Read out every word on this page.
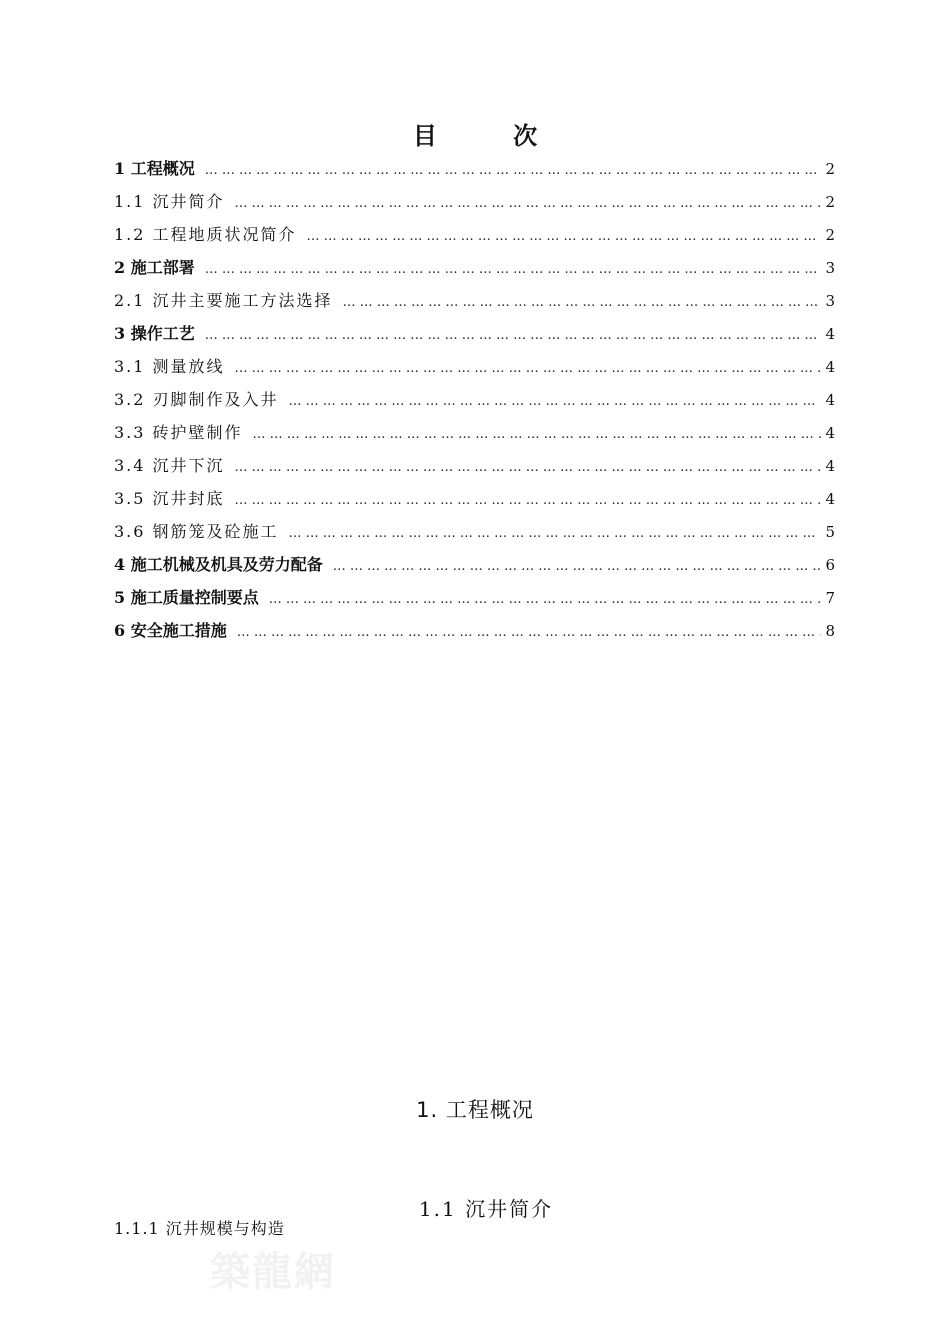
目 次
1 工程概况 … … … … … … … … … … … … … … … … … … … … … … … … … … … … … … … … … … … … … … … … … … … … … … … … … … … … … … … … … … … … … … … … … … … … … … … … … … … … … … … … … … … … … … … … … … … …	2
1.1 沉井简介 … … … … … … … … … … … … … … … … … … … … … … … … … … … … … … … … … … … … … … … … … … … … … … … … … … … … … … … … … … … … … … … … … … … … … … … … … … … … … … … … … … … … … … … … … … … …	2
1.2 工程地质状况简介 … … … … … … … … … … … … … … … … … … … … … … … … … … … … … … … … … … … … … … … … … … … … … … … … … … … … … … … … … … … … … … … … … … … … … … … … … … … … … … … … … … … … … … … … … … … …	2
2 施工部署 … … … … … … … … … … … … … … … … … … … … … … … … … … … … … … … … … … … … … … … … … … … … … … … … … … … … … … … … … … … … … … … … … … … … … … … … … … … … … … … … … … … … … … … … … … … …	3
2.1 沉井主要施工方法选择 … … … … … … … … … … … … … … … … … … … … … … … … … … … … … … … … … … … … … … … … … … … … … … … … … … … … … … … … … … … … … … … … … … … … … … … … … … … … … … … … … … … … … … … … … … … …	3
3 操作工艺 … … … … … … … … … … … … … … … … … … … … … … … … … … … … … … … … … … … … … … … … … … … … … … … … … … … … … … … … … … … … … … … … … … … … … … … … … … … … … … … … … … … … … … … … … … … …	4
3.1 测量放线 … … … … … … … … … … … … … … … … … … … … … … … … … … … … … … … … … … … … … … … … … … … … … … … … … … … … … … … … … … … … … … … … … … … … … … … … … … … … … … … … … … … … … … … … … … … …	4
3.2 刃脚制作及入井 … … … … … … … … … … … … … … … … … … … … … … … … … … … … … … … … … … … … … … … … … … … … … … … … … … … … … … … … … … … … … … … … … … … … … … … … … … … … … … … … … … … … … … … … … … … …	4
3.3 砖护壁制作 … … … … … … … … … … … … … … … … … … … … … … … … … … … … … … … … … … … … … … … … … … … … … … … … … … … … … … … … … … … … … … … … … … … … … … … … … … … … … … … … … … … … … … … … … … … …	4
3.4 沉井下沉 … … … … … … … … … … … … … … … … … … … … … … … … … … … … … … … … … … … … … … … … … … … … … … … … … … … … … … … … … … … … … … … … … … … … … … … … … … … … … … … … … … … … … … … … … … … …	4
3.5 沉井封底 … … … … … … … … … … … … … … … … … … … … … … … … … … … … … … … … … … … … … … … … … … … … … … … … … … … … … … … … … … … … … … … … … … … … … … … … … … … … … … … … … … … … … … … … … … … …	4
3.6 钢筋笼及砼施工 … … … … … … … … … … … … … … … … … … … … … … … … … … … … … … … … … … … … … … … … … … … … … … … … … … … … … … … … … … … … … … … … … … … … … … … … … … … … … … … … … … … … … … … … … … … …	5
4 施工机械及机具及劳力配备 … … … … … … … … … … … … … … … … … … … … … … … … … … … … … … … … … … … … … … … … … … … … … … … … … … … … … … … … … … … … … … … … … … … … … … … … … … … … … … … … … … … … … … … … … … … …	6
5 施工质量控制要点 … … … … … … … … … … … … … … … … … … … … … … … … … … … … … … … … … … … … … … … … … … … … … … … … … … … … … … … … … … … … … … … … … … … … … … … … … … … … … … … … … … … … … … … … … … … …	7
6 安全施工措施 … … … … … … … … … … … … … … … … … … … … … … … … … … … … … … … … … … … … … … … … … … … … … … … … … … … … … … … … … … … … … … … … … … … … … … … … … … … … … … … … … … … … … … … … … … … …	8
1. 工程概况
1.1 沉井简介
1.1.1 沉井规模与构造
築龍網
